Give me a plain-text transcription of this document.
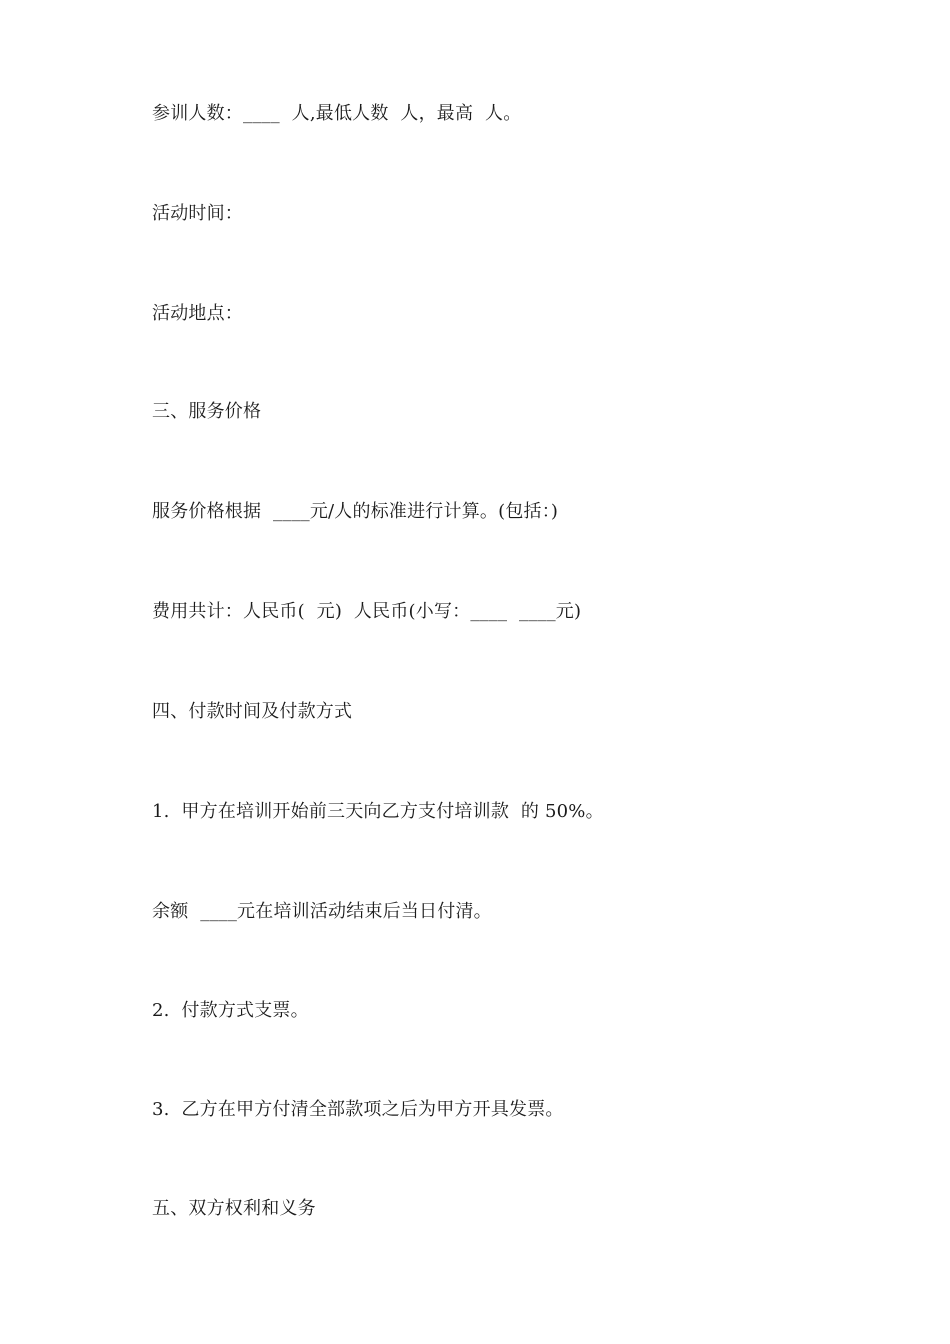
参训人数：____  人,最低人数  人，最高  人。
活动时间：
活动地点：
三、服务价格
服务价格根据  ____元/人的标准进行计算。(包括：)
费用共计：人民币(  元)  人民币(小写：____  ____元)
四、付款时间及付款方式
1.  甲方在培训开始前三天向乙方支付培训款  的 50%。
余额  ____元在培训活动结束后当日付清。
2.  付款方式支票。
3.  乙方在甲方付清全部款项之后为甲方开具发票。
五、双方权利和义务
